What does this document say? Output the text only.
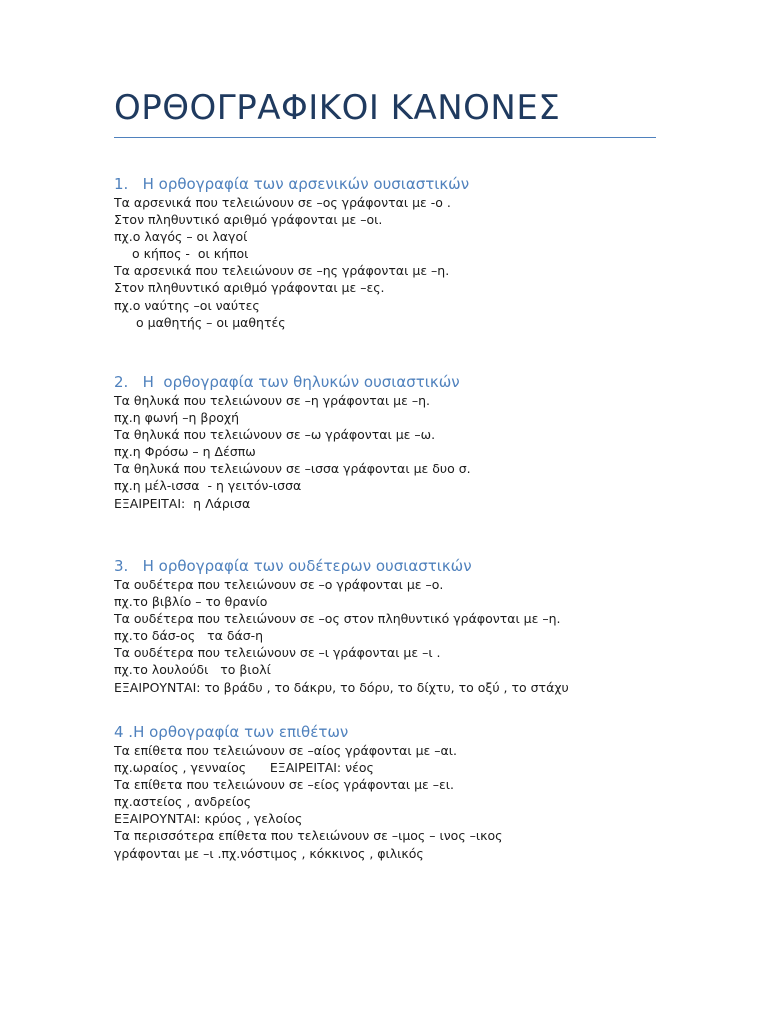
ΟΡΘΟΓΡΑΦΙΚΟΙ ΚΑΝΟΝΕΣ
1.   Η ορθογραφία των αρσενικών ουσιαστικών
Τα αρσενικά που τελειώνουν σε –ος γράφονται με -ο .
Στον πληθυντικό αριθμό γράφονται με –οι.
πχ.ο λαγός – οι λαγοί
ο κήπος -  οι κήποι
Τα αρσενικά που τελειώνουν σε –ης γράφονται με –η.
Στον πληθυντικό αριθμό γράφονται με –ες.
πχ.ο ναύτης –οι ναύτες
ο μαθητής – οι μαθητές
2.   Η  ορθογραφία των θηλυκών ουσιαστικών
Τα θηλυκά που τελειώνουν σε –η γράφονται με –η.
πχ.η φωνή –η βροχή
Τα θηλυκά που τελειώνουν σε –ω γράφονται με –ω.
πχ.η Φρόσω – η Δέσπω
Τα θηλυκά που τελειώνουν σε –ισσα γράφονται με δυο σ.
πχ.η μέλ-ισσα  - η γειτόν-ισσα
ΕΞΑΙΡΕΙΤΑΙ:  η Λάρισα
3.   Η ορθογραφία των ουδέτερων ουσιαστικών
Τα ουδέτερα που τελειώνουν σε –ο γράφονται με –ο.
πχ.το βιβλίο – το θρανίο
Τα ουδέτερα που τελειώνουν σε –ος στον πληθυντικό γράφονται με –η.
πχ.το δάσ-ος   τα δάσ-η
Τα ουδέτερα που τελειώνουν σε –ι γράφονται με –ι .
πχ.το λουλούδι   το βιολί
ΕΞΑΙΡΟΥΝΤΑΙ: το βράδυ , το δάκρυ, το δόρυ, το δίχτυ, το οξύ , το στάχυ
4 .Η ορθογραφία των επιθέτων
Τα επίθετα που τελειώνουν σε –αίος γράφονται με –αι.
πχ.ωραίος , γενναίος      ΕΞΑΙΡΕΙΤΑΙ: νέος
Τα επίθετα που τελειώνουν σε –είος γράφονται με –ει.
πχ.αστείος , ανδρείος
ΕΞΑΙΡΟΥΝΤΑΙ: κρύος , γελοίος
Τα περισσότερα επίθετα που τελειώνουν σε –ιμος – ινος –ικος
γράφονται με –ι .πχ.νόστιμος , κόκκινος , φιλικός
